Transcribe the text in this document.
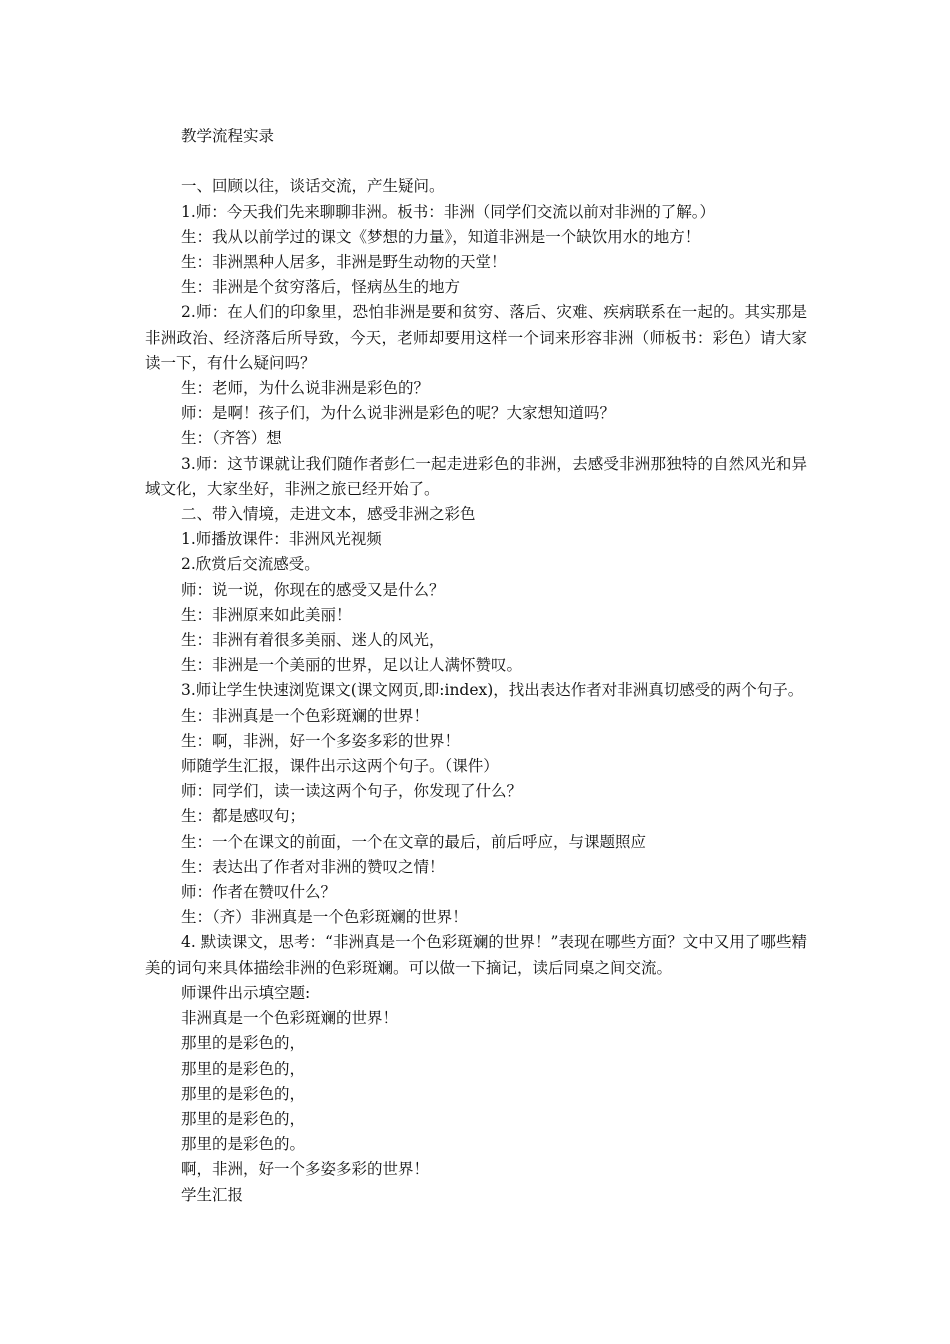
教学流程实录
一、回顾以往，谈话交流，产生疑问。
1.师：今天我们先来聊聊非洲。板书：非洲（同学们交流以前对非洲的了解。）
生：我从以前学过的课文《梦想的力量》，知道非洲是一个缺饮用水的地方！
生：非洲黑种人居多，非洲是野生动物的天堂！
生：非洲是个贫穷落后，怪病丛生的地方
2.师：在人们的印象里，恐怕非洲是要和贫穷、落后、灾难、疾病联系在一起的。其实那是非洲政治、经济落后所导致，今天，老师却要用这样一个词来形容非洲（师板书：彩色）请大家读一下，有什么疑问吗？
生：老师，为什么说非洲是彩色的？
师：是啊！孩子们，为什么说非洲是彩色的呢？大家想知道吗？
生：（齐答）想
3.师：这节课就让我们随作者彭仁一起走进彩色的非洲，去感受非洲那独特的自然风光和异域文化，大家坐好，非洲之旅已经开始了。
二、带入情境，走进文本，感受非洲之彩色
1.师播放课件：非洲风光视频
2.欣赏后交流感受。
师：说一说，你现在的感受又是什么？
生：非洲原来如此美丽！
生：非洲有着很多美丽、迷人的风光，
生：非洲是一个美丽的世界，足以让人满怀赞叹。
3.师让学生快速浏览课文(课文网页,即:index)，找出表达作者对非洲真切感受的两个句子。
生：非洲真是一个色彩斑斓的世界！
生：啊，非洲，好一个多姿多彩的世界！
师随学生汇报，课件出示这两个句子。（课件）
师：同学们，读一读这两个句子，你发现了什么？
生：都是感叹句；
生：一个在课文的前面，一个在文章的最后，前后呼应，与课题照应
生：表达出了作者对非洲的赞叹之情！
师：作者在赞叹什么？
生：（齐）非洲真是一个色彩斑斓的世界！
4. 默读课文，思考：“非洲真是一个色彩斑斓的世界！”表现在哪些方面？文中又用了哪些精美的词句来具体描绘非洲的色彩斑斓。可以做一下摘记，读后同桌之间交流。
师课件出示填空题:
非洲真是一个色彩斑斓的世界！
那里的是彩色的，
那里的是彩色的，
那里的是彩色的，
那里的是彩色的，
那里的是彩色的。
啊，非洲，好一个多姿多彩的世界！
学生汇报
